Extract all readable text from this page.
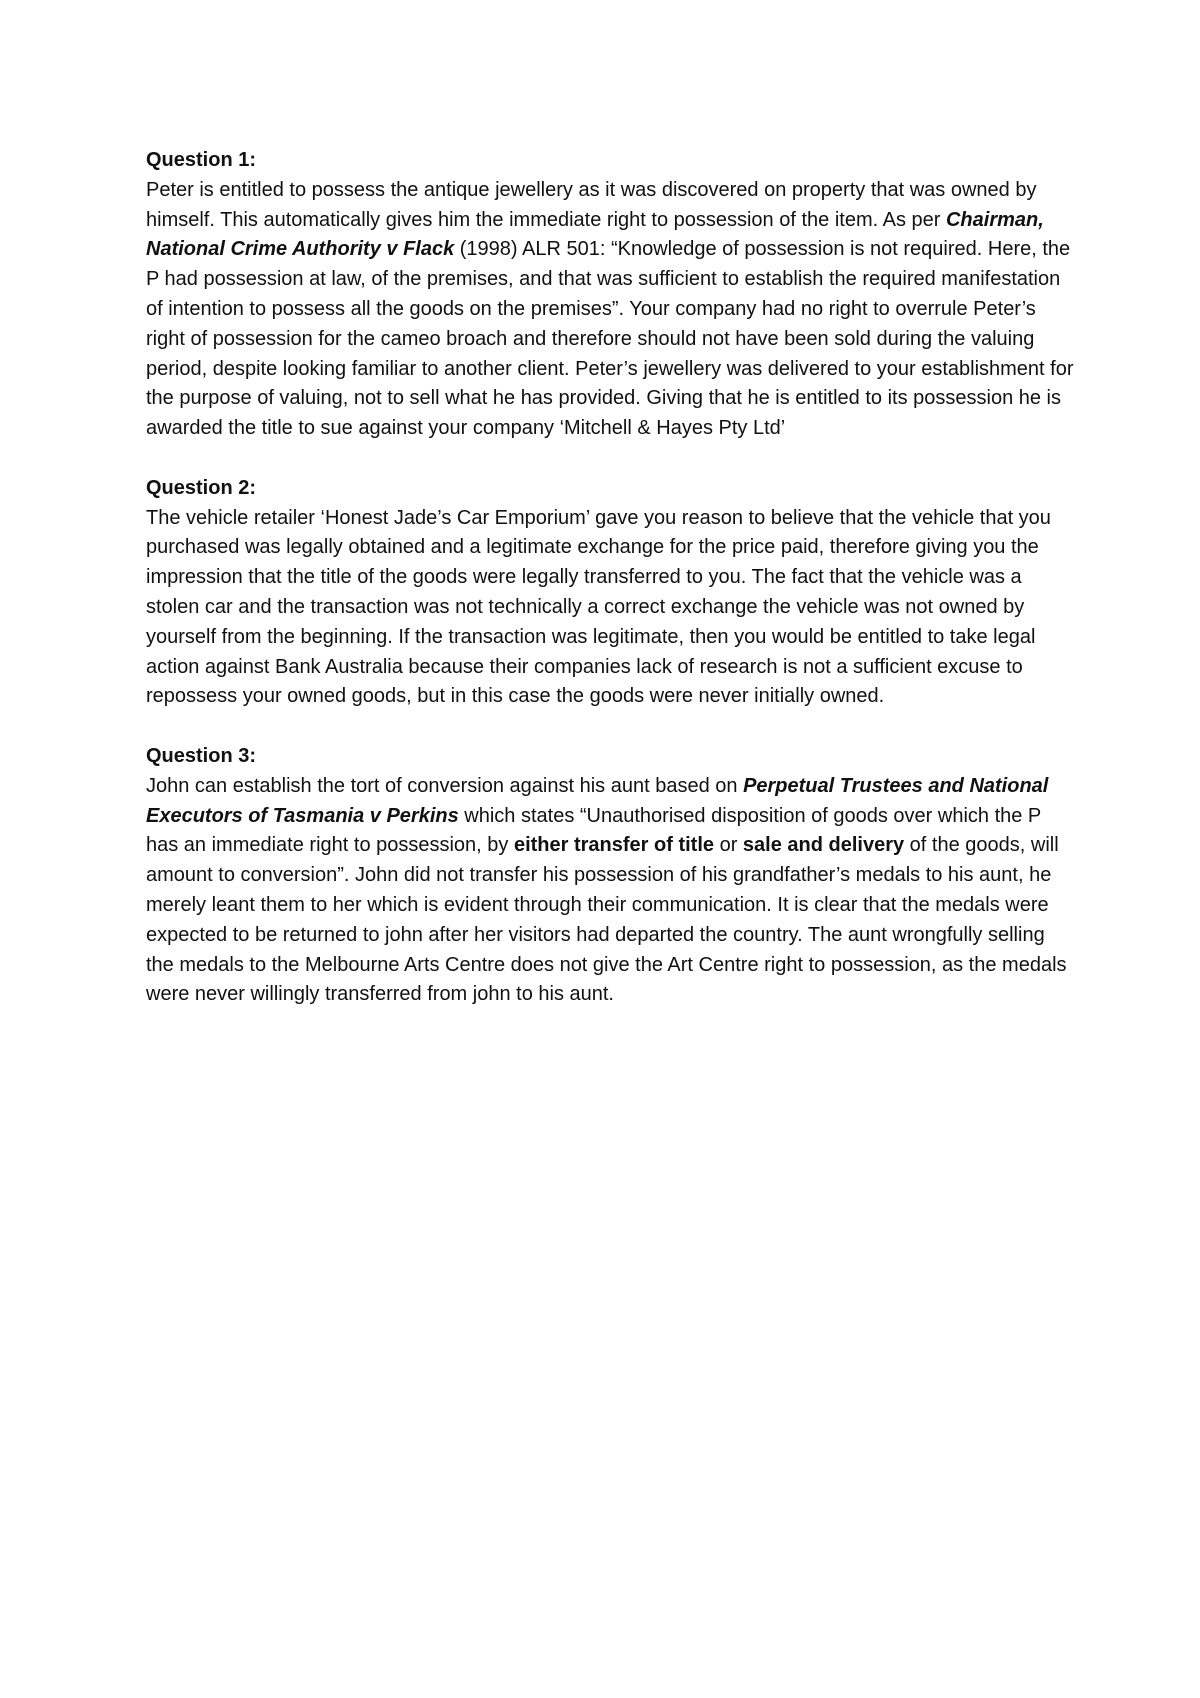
Question 1:
Peter is entitled to possess the antique jewellery as it was discovered on property that was owned by himself. This automatically gives him the immediate right to possession of the item. As per Chairman, National Crime Authority v Flack (1998) ALR 501: “Knowledge of possession is not required. Here, the P had possession at law, of the premises, and that was sufficient to establish the required manifestation of intention to possess all the goods on the premises”. Your company had no right to overrule Peter’s right of possession for the cameo broach and therefore should not have been sold during the valuing period, despite looking familiar to another client. Peter’s jewellery was delivered to your establishment for the purpose of valuing, not to sell what he has provided. Giving that he is entitled to its possession he is awarded the title to sue against your company ‘Mitchell & Hayes Pty Ltd’
Question 2:
The vehicle retailer ‘Honest Jade’s Car Emporium’ gave you reason to believe that the vehicle that you purchased was legally obtained and a legitimate exchange for the price paid, therefore giving you the impression that the title of the goods were legally transferred to you. The fact that the vehicle was a stolen car and the transaction was not technically a correct exchange the vehicle was not owned by yourself from the beginning. If the transaction was legitimate, then you would be entitled to take legal action against Bank Australia because their companies lack of research is not a sufficient excuse to repossess your owned goods, but in this case the goods were never initially owned.
Question 3:
John can establish the tort of conversion against his aunt based on Perpetual Trustees and National Executors of Tasmania v Perkins which states “Unauthorised disposition of goods over which the P has an immediate right to possession, by either transfer of title or sale and delivery of the goods, will amount to conversion”. John did not transfer his possession of his grandfather’s medals to his aunt, he merely leant them to her which is evident through their communication. It is clear that the medals were expected to be returned to john after her visitors had departed the country. The aunt wrongfully selling the medals to the Melbourne Arts Centre does not give the Art Centre right to possession, as the medals were never willingly transferred from john to his aunt.
